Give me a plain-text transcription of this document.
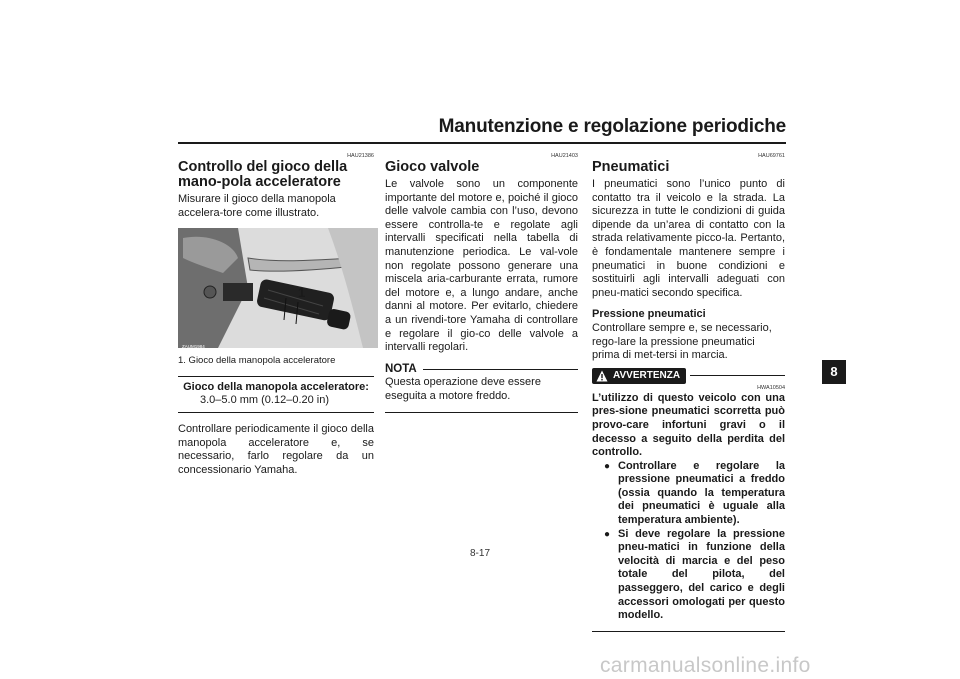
Manutenzione e regolazione periodiche
HAU21386
Controllo del gioco della mano-pola acceleratore
Misurare il gioco della manopola accelera-tore come illustrato.
1
ZAUM1984
1. Gioco della manopola acceleratore
Gioco della manopola acceleratore:
3.0–5.0 mm (0.12–0.20 in)
Controllare periodicamente il gioco della manopola acceleratore e, se necessario, farlo regolare da un concessionario Yamaha.
HAU21403
Gioco valvole
Le valvole sono un componente importante del motore e, poiché il gioco delle valvole cambia con l’uso, devono essere controlla-te e regolate agli intervalli specificati nella tabella di manutenzione periodica. Le val-vole non regolate possono generare una miscela aria-carburante errata, rumore del motore e, a lungo andare, anche danni al motore. Per evitarlo, chiedere a un rivendi-tore Yamaha di controllare e regolare il gio-co delle valvole a intervalli regolari.
NOTA
Questa operazione deve essere eseguita a motore freddo.
HAU69761
Pneumatici
I pneumatici sono l’unico punto di contatto tra il veicolo e la strada. La sicurezza in tutte le condizioni di guida dipende da un’area di contatto con la strada relativamente picco-la. Pertanto, è fondamentale mantenere sempre i pneumatici in buone condizioni e sostituirli agli intervalli adeguati con pneu-matici secondo specifica.
Pressione pneumatici
Controllare sempre e, se necessario, rego-lare la pressione pneumatici prima di met-tersi in marcia.
AVVERTENZA
HWA10504
L’utilizzo di questo veicolo con una pres-sione pneumatici scorretta può provo-care infortuni gravi o il decesso a seguito della perdita del controllo.
● Controllare e regolare la pressione pneumatici a freddo (ossia quando la temperatura dei pneumatici è uguale alla temperatura ambiente).
● Si deve regolare la pressione pneu-matici in funzione della velocità di marcia e del peso totale del pilota, del passeggero, del carico e degli accessori omologati per questo modello.
8
8-17
carmanualsonline.info
